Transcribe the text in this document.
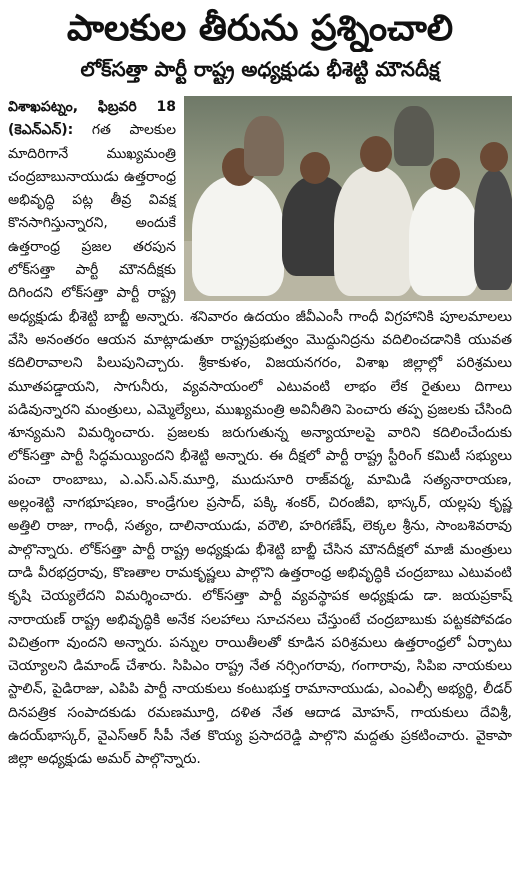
పాలకుల తీరును ప్రశ్నించాలి
లోక్‌సత్తా పార్టీ రాష్ట్ర అధ్యక్షుడు భీశెట్టి మౌనదీక్ష

విశాఖపట్నం, ఫిబ్రవరి 18 (కెఎన్ఎన్): గత పాలకుల మాదిరిగానే ముఖ్యమంత్రి చంద్రబాబునాయుడు ఉత్తరాంధ్ర అభివృద్ధి పట్ల తీవ్ర వివక్ష కొనసాగిస్తున్నారని, అందుకే ఉత్తరాంధ్ర ప్రజల తరపున లోక్‌సత్తా పార్టీ మౌనదీక్షకు దిగిందని లోక్‌సత్తా పార్టీ రాష్ట్ర అధ్యక్షుడు భీశెట్టి బాబ్జీ అన్నారు. శనివారం ఉదయం జీవీఎంసీ గాంధీ విగ్రహానికి పూలమాలలు వేసి అనంతరం ఆయన మాట్లాడుతూ రాష్ట్రప్రభుత్వం మొద్దునిద్రను వదిలించడానికి యువత కదిలిరావాలని పిలుపునిచ్చారు. శ్రీకాకుళం, విజయనగరం, విశాఖ జిల్లాల్లో పరిశ్రమలు మూతపడ్డాయని, సాగునీరు, వ్యవసాయంలో ఎటువంటి లాభం లేక రైతులు దిగాలు పడివున్నారని మంత్రులు, ఎమ్మెల్యేలు, ముఖ్యమంత్రి అవినీతిని పెంచారు తప్ప ప్రజలకు చేసింది శూన్యమని విమర్శించారు. ప్రజలకు జరుగుతున్న అన్యాయాలపై వారిని కదిలించేందుకు లోక్‌సత్తా పార్టీ సిద్ధమయ్యిందని భీశెట్టి అన్నారు. ఈ దీక్షలో పార్టీ రాష్ట్ర స్టీరింగ్ కమిటీ సభ్యులు పంచా రాంబాబు, ఎ.ఎస్.ఎన్.మూర్తి, ముదుసూరి రాజ్‌వర్మ, మామిడి సత్యనారాయణ, అల్లంశెట్టి నాగభూషణం, కాండ్రేగుల ప్రసాద్, పక్కి శంకర్, చిరంజీవి, భాస్కర్, యల్లపు కృష్ణ అత్తిలి రాజు, గాంధీ, సత్యం, దాలినాయుడు, వరౌలి, హరిగణేష్, లెక్కల శ్రీను, సాంబశివరావు పాల్గొన్నారు. లోక్‌సత్తా పార్టీ రాష్ట్ర అధ్యక్షుడు భీశెట్టి బాబ్జీ చేసిన మౌనదీక్షలో మాజీ మంత్రులు దాడి వీరభద్రరావు, కొణతాల రామకృష్ణలు పాల్గొని ఉత్తరాంధ్ర అభివృద్ధికి చంద్రబాబు ఎటువంటి కృషి చెయ్యలేదని విమర్శించారు. లోక్‌సత్తా పార్టీ వ్యవస్థాపక అధ్యక్షుడు డా. జయప్రకాష్ నారాయణ్ రాష్ట్ర అభివృద్ధికి అనేక సలహాలు సూచనలు చేస్తుంటే చంద్రబాబుకు పట్టకపోవడం విచిత్రంగా వుందని అన్నారు. పన్నుల రాయితీలతో కూడిన పరిశ్రమలు ఉత్తరాంధ్రలో ఏర్పాటు చెయ్యాలని డిమాండ్ చేశారు. సిపిఎం రాష్ట్ర నేత నర్సింగరావు, గంగారావు, సిపిఐ నాయకులు స్టాలిన్, పైడిరాజు, ఎపిపి పార్టీ నాయకులు కంటుభుక్త రామానాయుడు, ఎంఎల్సీ అభ్యర్థి, లీడర్ దినపత్రిక సంపాదకుడు రమణమూర్తి, దళిత నేత ఆదాడ మోహన్, గాయకులు దేవిశ్రీ, ఉదయ్‌భాస్కర్, వైఎస్ఆర్ సీపీ నేత కొయ్య ప్రసాదరెడ్డి పాల్గొని మద్దతు ప్రకటించారు. వైకాపా జిల్లా అధ్యక్షుడు అమర్ పాల్గొన్నారు.
